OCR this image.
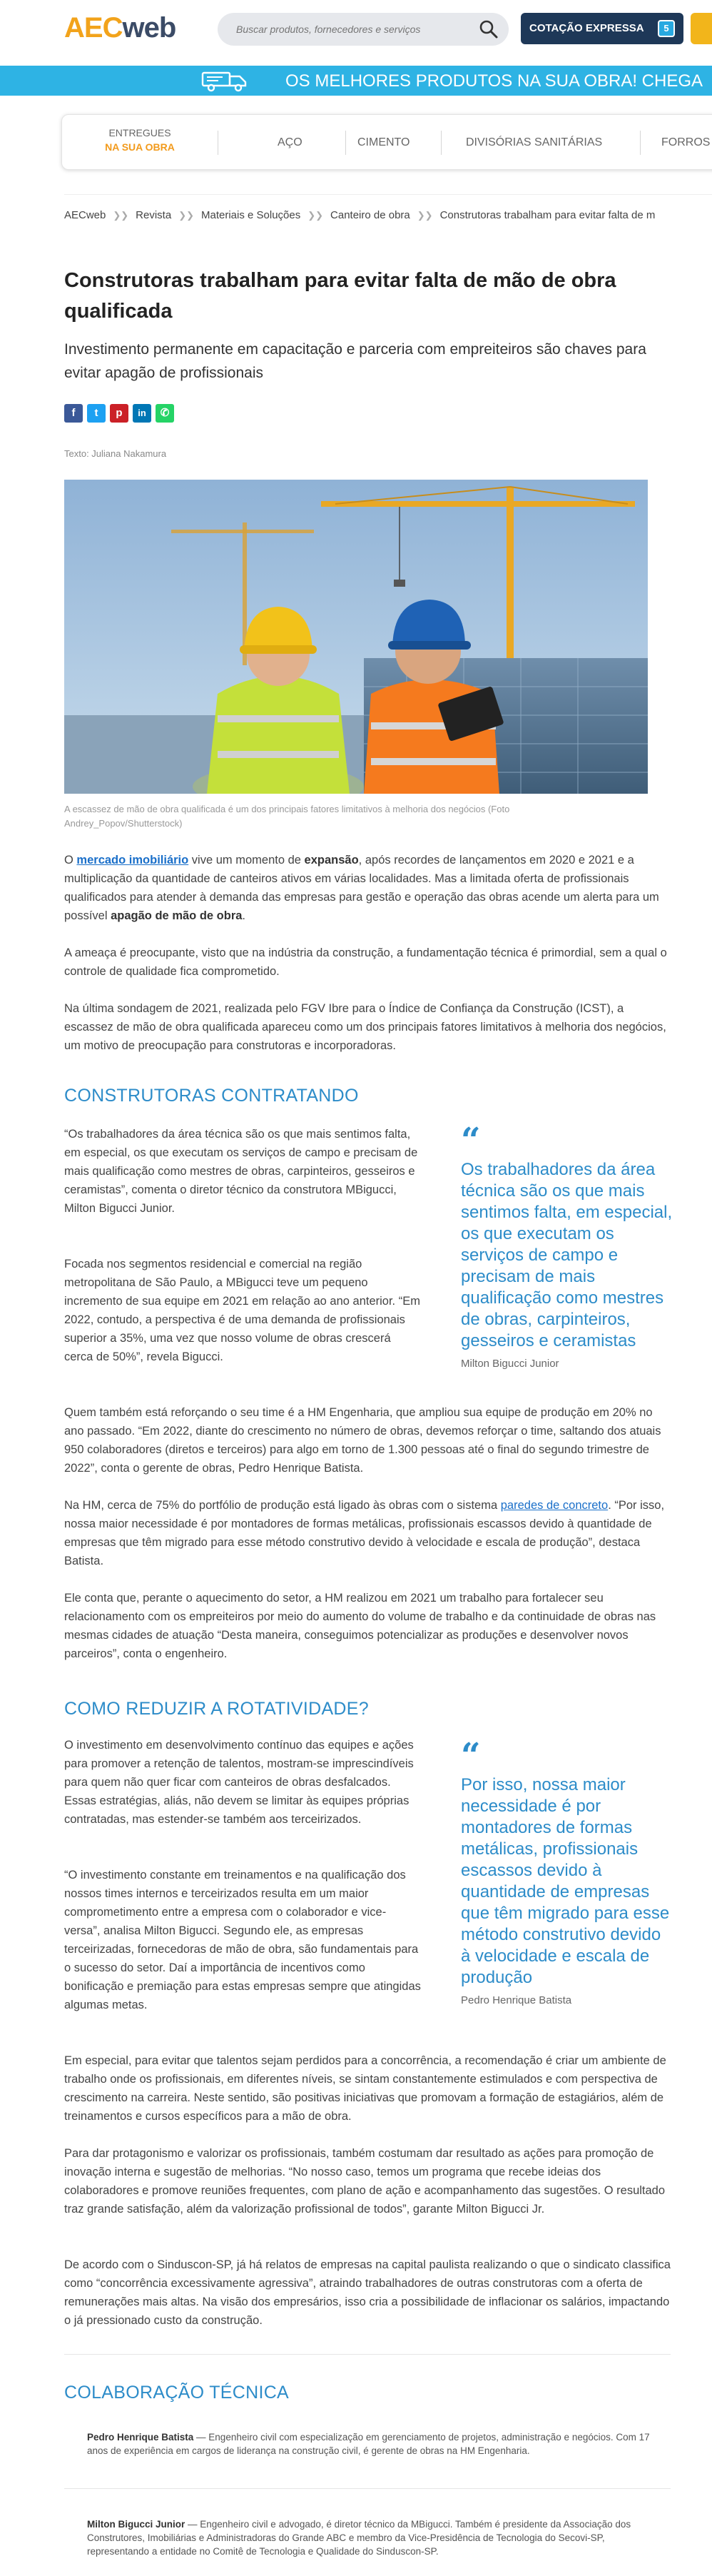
AECweb
Buscar produtos, fornecedores e serviços	COTAÇÃO EXPRESSA	5
OS MELHORES PRODUTOS NA SUA OBRA! CHEGA
ENTREGUES
NA SUA OBRA	AÇO	CIMENTO	DIVISÓRIAS SANITÁRIAS	FORROS
AECweb ❯❯ Revista ❯❯ Materiais e Soluções ❯❯ Canteiro de obra ❯❯ Construtoras trabalham para evitar falta de m
Construtoras trabalham para evitar falta de mão de obra qualificada
Investimento permanente em capacitação e parceria com empreiteiros são chaves para evitar apagão de profissionais
f	t	p	in	✆
Texto: Juliana Nakamura
A escassez de mão de obra qualificada é um dos principais fatores limitativos à melhoria dos negócios (Foto Andrey_Popov/Shutterstock)
O mercado imobiliário vive um momento de expansão, após recordes de lançamentos em 2020 e 2021 e a multiplicação da quantidade de canteiros ativos em várias localidades. Mas a limitada oferta de profissionais qualificados para atender à demanda das empresas para gestão e operação das obras acende um alerta para um possível apagão de mão de obra.
A ameaça é preocupante, visto que na indústria da construção, a fundamentação técnica é primordial, sem a qual o controle de qualidade fica comprometido.
Na última sondagem de 2021, realizada pelo FGV Ibre para o Índice de Confiança da Construção (ICST), a escassez de mão de obra qualificada apareceu como um dos principais fatores limitativos à melhoria dos negócios, um motivo de preocupação para construtoras e incorporadoras.
CONSTRUTORAS CONTRATANDO
“Os trabalhadores da área técnica são os que mais sentimos falta, em especial, os que executam os serviços de campo e precisam de mais qualificação como mestres de obras, carpinteiros, gesseiros e ceramistas”, comenta o diretor técnico da construtora MBigucci, Milton Bigucci Junior.
Focada nos segmentos residencial e comercial na região metropolitana de São Paulo, a MBigucci teve um pequeno incremento de sua equipe em 2021 em relação ao ano anterior. “Em 2022, contudo, a perspectiva é de uma demanda de profissionais superior a 35%, uma vez que nosso volume de obras crescerá cerca de 50%”, revela Bigucci.
“
Os trabalhadores da área técnica são os que mais sentimos falta, em especial, os que executam os serviços de campo e precisam de mais qualificação como mestres de obras, carpinteiros, gesseiros e ceramistas
Milton Bigucci Junior
Quem também está reforçando o seu time é a HM Engenharia, que ampliou sua equipe de produção em 20% no ano passado. “Em 2022, diante do crescimento no número de obras, devemos reforçar o time, saltando dos atuais 950 colaboradores (diretos e terceiros) para algo em torno de 1.300 pessoas até o final do segundo trimestre de 2022”, conta o gerente de obras, Pedro Henrique Batista.
Na HM, cerca de 75% do portfólio de produção está ligado às obras com o sistema paredes de concreto. “Por isso, nossa maior necessidade é por montadores de formas metálicas, profissionais escassos devido à quantidade de empresas que têm migrado para esse método construtivo devido à velocidade e escala de produção”, destaca Batista.
Ele conta que, perante o aquecimento do setor, a HM realizou em 2021 um trabalho para fortalecer seu relacionamento com os empreiteiros por meio do aumento do volume de trabalho e da continuidade de obras nas mesmas cidades de atuação “Desta maneira, conseguimos potencializar as produções e desenvolver novos parceiros”, conta o engenheiro.
COMO REDUZIR A ROTATIVIDADE?
O investimento em desenvolvimento contínuo das equipes e ações para promover a retenção de talentos, mostram-se imprescindíveis para quem não quer ficar com canteiros de obras desfalcados. Essas estratégias, aliás, não devem se limitar às equipes próprias contratadas, mas estender-se também aos terceirizados.
“O investimento constante em treinamentos e na qualificação dos nossos times internos e terceirizados resulta em um maior comprometimento entre a empresa com o colaborador e vice-versa”, analisa Milton Bigucci. Segundo ele, as empresas terceirizadas, fornecedoras de mão de obra, são fundamentais para o sucesso do setor. Daí a importância de incentivos como bonificação e premiação para estas empresas sempre que atingidas algumas metas.
“
Por isso, nossa maior necessidade é por montadores de formas metálicas, profissionais escassos devido à quantidade de empresas que têm migrado para esse método construtivo devido à velocidade e escala de produção
Pedro Henrique Batista
Em especial, para evitar que talentos sejam perdidos para a concorrência, a recomendação é criar um ambiente de trabalho onde os profissionais, em diferentes níveis, se sintam constantemente estimulados e com perspectiva de crescimento na carreira. Neste sentido, são positivas iniciativas que promovam a formação de estagiários, além de treinamentos e cursos específicos para a mão de obra.
Para dar protagonismo e valorizar os profissionais, também costumam dar resultado as ações para promoção de inovação interna e sugestão de melhorias. “No nosso caso, temos um programa que recebe ideias dos colaboradores e promove reuniões frequentes, com plano de ação e acompanhamento das sugestões. O resultado traz grande satisfação, além da valorização profissional de todos”, garante Milton Bigucci Jr.
De acordo com o Sinduscon-SP, já há relatos de empresas na capital paulista realizando o que o sindicato classifica como “concorrência excessivamente agressiva”, atraindo trabalhadores de outras construtoras com a oferta de remunerações mais altas. Na visão dos empresários, isso cria a possibilidade de inflacionar os salários, impactando o já pressionado custo da construção.
COLABORAÇÃO TÉCNICA
Pedro Henrique Batista — Engenheiro civil com especialização em gerenciamento de projetos, administração e negócios. Com 17 anos de experiência em cargos de liderança na construção civil, é gerente de obras na HM Engenharia.
Milton Bigucci Junior — Engenheiro civil e advogado, é diretor técnico da MBigucci. Também é presidente da Associação dos Construtores, Imobiliárias e Administradoras do Grande ABC e membro da Vice-Presidência de Tecnologia do Secovi-SP, representando a entidade no Comitê de Tecnologia e Qualidade do Sinduscon-SP.
